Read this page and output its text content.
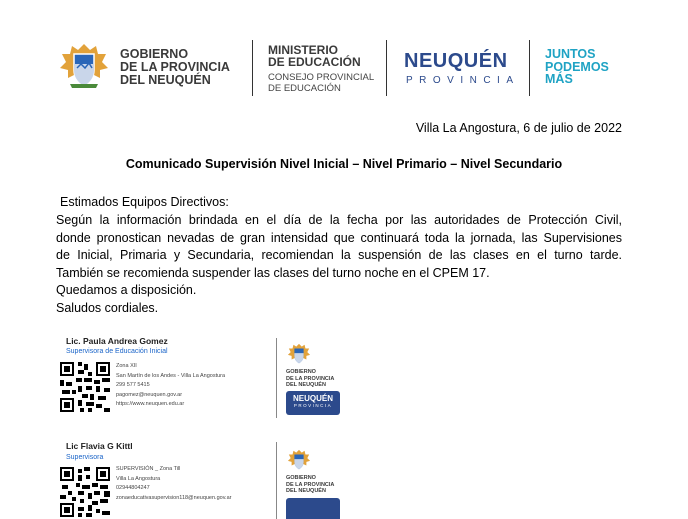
GOBIERNO
DE LA PROVINCIA
DEL NEUQUÉN
MINISTERIO
DE EDUCACIÓN
CONSEJO PROVINCIAL
DE EDUCACIÓN
NEUQUÉN
PROVINCIA
JUNTOS
PODEMOS
MÁS
Villa La Angostura, 6 de julio de 2022
Comunicado Supervisión Nivel Inicial – Nivel Primario – Nivel Secundario
Estimados Equipos Directivos:
Según la información brindada en el día de la fecha por las autoridades de Protección Civil,
donde pronostican nevadas de gran intensidad que continuará toda la jornada, las Supervisiones
de Inicial, Primaria y Secundaria, recomiendan la suspensión de las clases en el turno tarde.
También se recomienda suspender las clases del turno noche en el CPEM 17.
Quedamos a disposición.
Saludos cordiales.
Lic. Paula Andrea Gomez
Supervisora de Educación Inicial
Zona XII
San Martín de los Andes - Villa La Angostura
299 577 5415
pagomez@neuquen.gov.ar
https://www.neuquen.edu.ar
GOBIERNO
DE LA PROVINCIA
DEL NEUQUÉN
NEUQUÉN
PROVINCIA
Lic Flavia G Kittl
Supervisora
SUPERVISIÓN _ Zona Till
Villa La Angostura
02944804247
zonaeducativasupervision118@neuquen.gov.ar
GOBIERNO
DE LA PROVINCIA
DEL NEUQUÉN
